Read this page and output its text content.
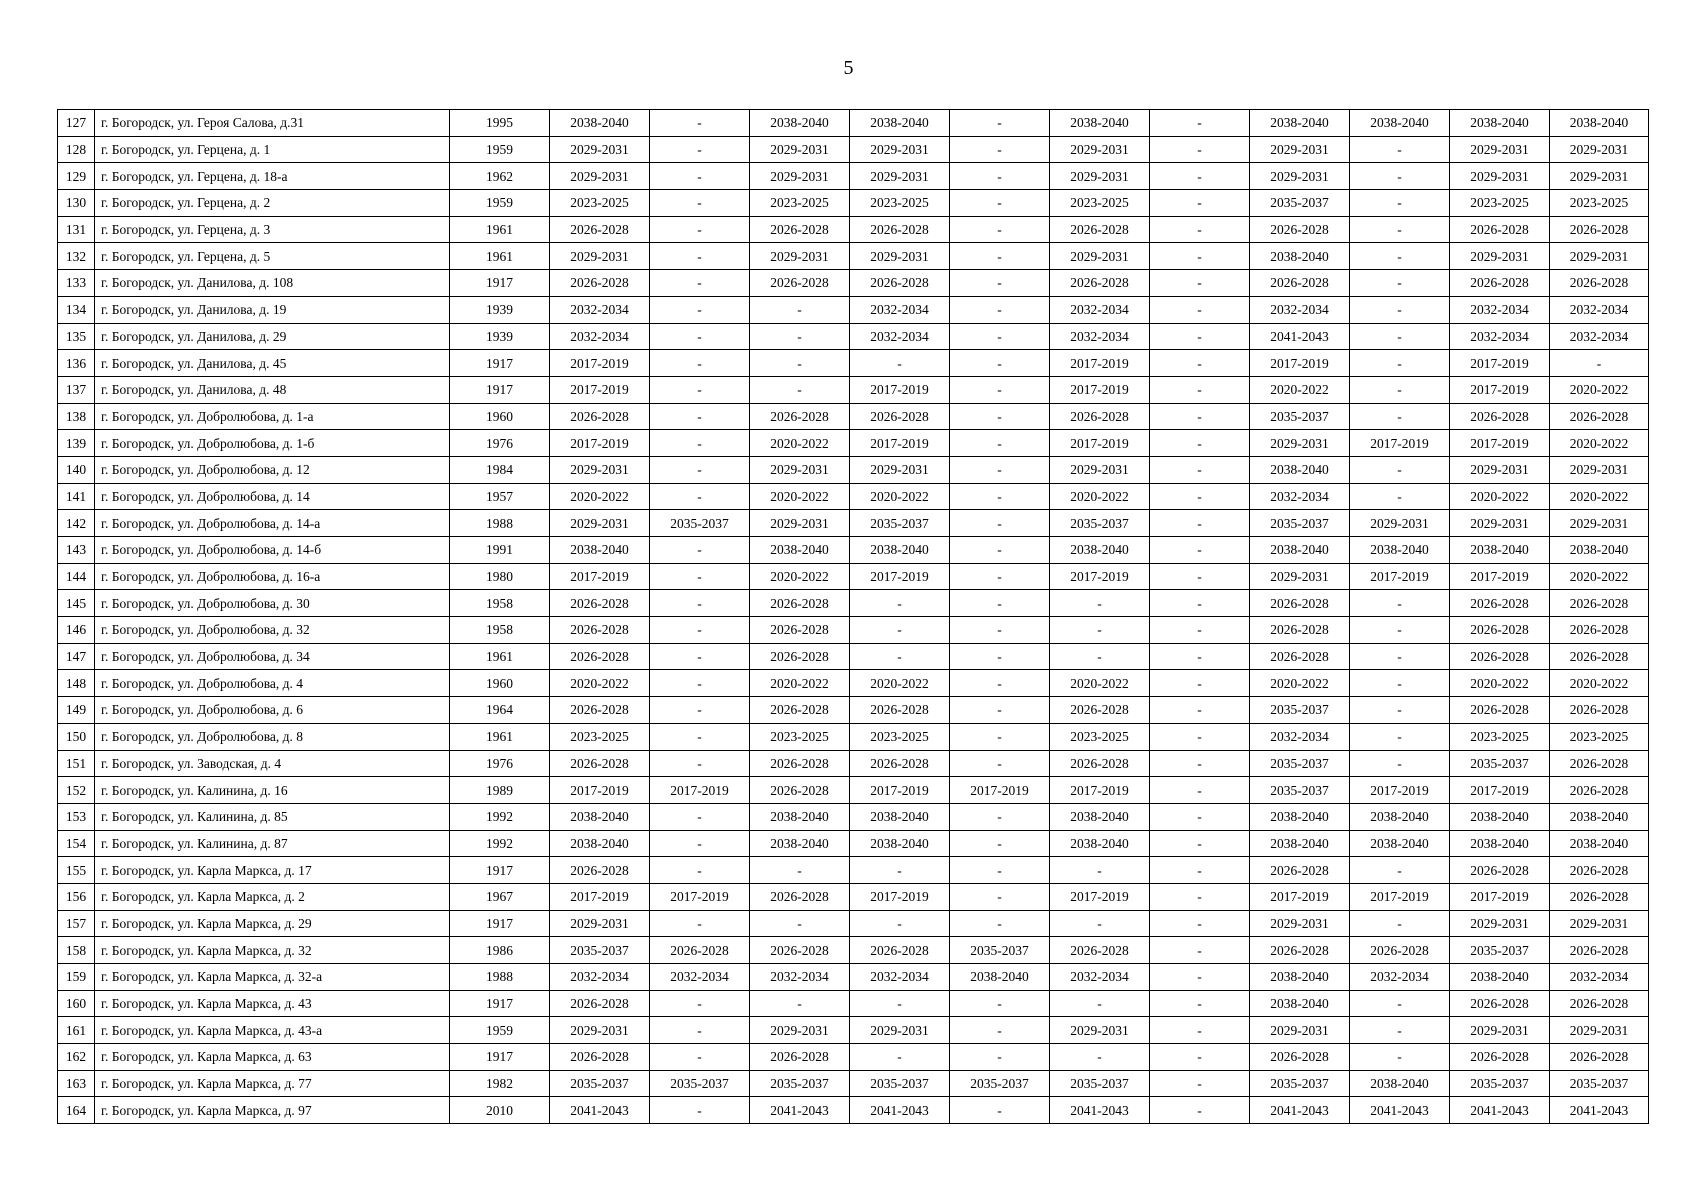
5
127	г. Богородск, ул. Героя Салова, д.31	1995	2038-2040	-	2038-2040	2038-2040	-	2038-2040	-	2038-2040	2038-2040	2038-2040	2038-2040
128	г. Богородск, ул. Герцена, д. 1	1959	2029-2031	-	2029-2031	2029-2031	-	2029-2031	-	2029-2031	-	2029-2031	2029-2031
129	г. Богородск, ул. Герцена, д. 18-а	1962	2029-2031	-	2029-2031	2029-2031	-	2029-2031	-	2029-2031	-	2029-2031	2029-2031
130	г. Богородск, ул. Герцена, д. 2	1959	2023-2025	-	2023-2025	2023-2025	-	2023-2025	-	2035-2037	-	2023-2025	2023-2025
131	г. Богородск, ул. Герцена, д. 3	1961	2026-2028	-	2026-2028	2026-2028	-	2026-2028	-	2026-2028	-	2026-2028	2026-2028
132	г. Богородск, ул. Герцена, д. 5	1961	2029-2031	-	2029-2031	2029-2031	-	2029-2031	-	2038-2040	-	2029-2031	2029-2031
133	г. Богородск, ул. Данилова, д. 108	1917	2026-2028	-	2026-2028	2026-2028	-	2026-2028	-	2026-2028	-	2026-2028	2026-2028
134	г. Богородск, ул. Данилова, д. 19	1939	2032-2034	-	-	2032-2034	-	2032-2034	-	2032-2034	-	2032-2034	2032-2034
135	г. Богородск, ул. Данилова, д. 29	1939	2032-2034	-	-	2032-2034	-	2032-2034	-	2041-2043	-	2032-2034	2032-2034
136	г. Богородск, ул. Данилова, д. 45	1917	2017-2019	-	-	-	-	2017-2019	-	2017-2019	-	2017-2019	-
137	г. Богородск, ул. Данилова, д. 48	1917	2017-2019	-	-	2017-2019	-	2017-2019	-	2020-2022	-	2017-2019	2020-2022
138	г. Богородск, ул. Добролюбова, д. 1-а	1960	2026-2028	-	2026-2028	2026-2028	-	2026-2028	-	2035-2037	-	2026-2028	2026-2028
139	г. Богородск, ул. Добролюбова, д. 1-б	1976	2017-2019	-	2020-2022	2017-2019	-	2017-2019	-	2029-2031	2017-2019	2017-2019	2020-2022
140	г. Богородск, ул. Добролюбова, д. 12	1984	2029-2031	-	2029-2031	2029-2031	-	2029-2031	-	2038-2040	-	2029-2031	2029-2031
141	г. Богородск, ул. Добролюбова, д. 14	1957	2020-2022	-	2020-2022	2020-2022	-	2020-2022	-	2032-2034	-	2020-2022	2020-2022
142	г. Богородск, ул. Добролюбова, д. 14-а	1988	2029-2031	2035-2037	2029-2031	2035-2037	-	2035-2037	-	2035-2037	2029-2031	2029-2031	2029-2031
143	г. Богородск, ул. Добролюбова, д. 14-б	1991	2038-2040	-	2038-2040	2038-2040	-	2038-2040	-	2038-2040	2038-2040	2038-2040	2038-2040
144	г. Богородск, ул. Добролюбова, д. 16-а	1980	2017-2019	-	2020-2022	2017-2019	-	2017-2019	-	2029-2031	2017-2019	2017-2019	2020-2022
145	г. Богородск, ул. Добролюбова, д. 30	1958	2026-2028	-	2026-2028	-	-	-	-	2026-2028	-	2026-2028	2026-2028
146	г. Богородск, ул. Добролюбова, д. 32	1958	2026-2028	-	2026-2028	-	-	-	-	2026-2028	-	2026-2028	2026-2028
147	г. Богородск, ул. Добролюбова, д. 34	1961	2026-2028	-	2026-2028	-	-	-	-	2026-2028	-	2026-2028	2026-2028
148	г. Богородск, ул. Добролюбова, д. 4	1960	2020-2022	-	2020-2022	2020-2022	-	2020-2022	-	2020-2022	-	2020-2022	2020-2022
149	г. Богородск, ул. Добролюбова, д. 6	1964	2026-2028	-	2026-2028	2026-2028	-	2026-2028	-	2035-2037	-	2026-2028	2026-2028
150	г. Богородск, ул. Добролюбова, д. 8	1961	2023-2025	-	2023-2025	2023-2025	-	2023-2025	-	2032-2034	-	2023-2025	2023-2025
151	г. Богородск, ул. Заводская, д. 4	1976	2026-2028	-	2026-2028	2026-2028	-	2026-2028	-	2035-2037	-	2035-2037	2026-2028
152	г. Богородск, ул. Калинина, д. 16	1989	2017-2019	2017-2019	2026-2028	2017-2019	2017-2019	2017-2019	-	2035-2037	2017-2019	2017-2019	2026-2028
153	г. Богородск, ул. Калинина, д. 85	1992	2038-2040	-	2038-2040	2038-2040	-	2038-2040	-	2038-2040	2038-2040	2038-2040	2038-2040
154	г. Богородск, ул. Калинина, д. 87	1992	2038-2040	-	2038-2040	2038-2040	-	2038-2040	-	2038-2040	2038-2040	2038-2040	2038-2040
155	г. Богородск, ул. Карла Маркса, д. 17	1917	2026-2028	-	-	-	-	-	-	2026-2028	-	2026-2028	2026-2028
156	г. Богородск, ул. Карла Маркса, д. 2	1967	2017-2019	2017-2019	2026-2028	2017-2019	-	2017-2019	-	2017-2019	2017-2019	2017-2019	2026-2028
157	г. Богородск, ул. Карла Маркса, д. 29	1917	2029-2031	-	-	-	-	-	-	2029-2031	-	2029-2031	2029-2031
158	г. Богородск, ул. Карла Маркса, д. 32	1986	2035-2037	2026-2028	2026-2028	2026-2028	2035-2037	2026-2028	-	2026-2028	2026-2028	2035-2037	2026-2028
159	г. Богородск, ул. Карла Маркса, д. 32-а	1988	2032-2034	2032-2034	2032-2034	2032-2034	2038-2040	2032-2034	-	2038-2040	2032-2034	2038-2040	2032-2034
160	г. Богородск, ул. Карла Маркса, д. 43	1917	2026-2028	-	-	-	-	-	-	2038-2040	-	2026-2028	2026-2028
161	г. Богородск, ул. Карла Маркса, д. 43-а	1959	2029-2031	-	2029-2031	2029-2031	-	2029-2031	-	2029-2031	-	2029-2031	2029-2031
162	г. Богородск, ул. Карла Маркса, д. 63	1917	2026-2028	-	2026-2028	-	-	-	-	2026-2028	-	2026-2028	2026-2028
163	г. Богородск, ул. Карла Маркса, д. 77	1982	2035-2037	2035-2037	2035-2037	2035-2037	2035-2037	2035-2037	-	2035-2037	2038-2040	2035-2037	2035-2037
164	г. Богородск, ул. Карла Маркса, д. 97	2010	2041-2043	-	2041-2043	2041-2043	-	2041-2043	-	2041-2043	2041-2043	2041-2043	2041-2043
